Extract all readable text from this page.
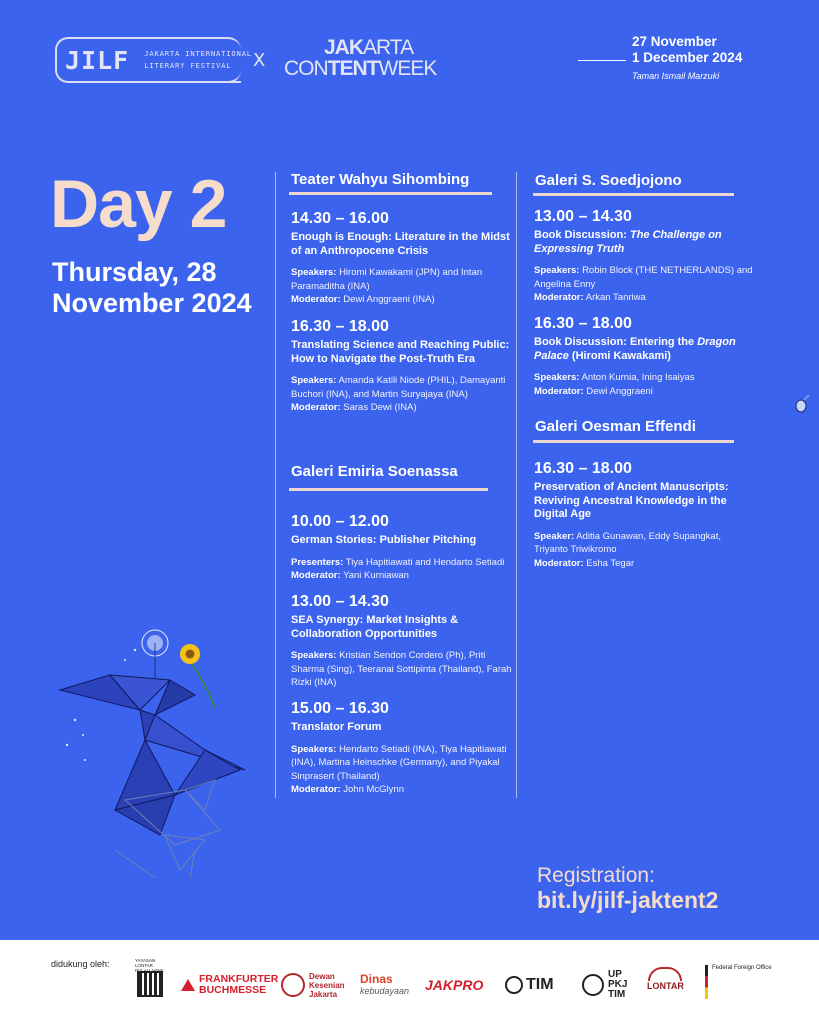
JILF JAKARTA INTERNATIONAL
LITERARY FESTIVAL	X
JAKARTA
CONTENTWEEK
27 November
1 December 2024
Taman Ismail Marzuki
Day 2
Thursday, 28 November 2024
Teater Wahyu Sihombing
14.30 – 16.00
Enough is Enough: Literature in the Midst of an Anthropocene Crisis
Speakers: Hiromi Kawakami (JPN) and Intan Paramaditha (INA)
Moderator: Dewi Anggraeni (INA)
16.30 – 18.00
Translating Science and Reaching Public: How to Navigate the Post-Truth Era
Speakers: Amanda Katili Niode (PHIL), Damayanti Buchori (INA), and Martin Suryajaya (INA)
Moderator: Saras Dewi (INA)
Galeri Emiria Soenassa
10.00 – 12.00
German Stories: Publisher Pitching
Presenters: Tiya Hapitiawati and Hendarto Setiadi Moderator: Yani Kurniawan
13.00 – 14.30
SEA Synergy: Market Insights & Collaboration Opportunities
Speakers: Kristian Sendon Cordero (Ph), Priti Sharma (Sing), Teeranai Sottipinta (Thailand), Farah Rizki (INA)
15.00 – 16.30
Translator Forum
Speakers: Hendarto Setiadi (INA), Tiya Hapitiawati (INA), Martina Heinschke (Germany), and Piyakal Sinprasert (Thailand)
Moderator: John McGlynn
Galeri S. Soedjojono
13.00 – 14.30
Book Discussion: The Challenge on Expressing Truth
Speakers: Robin Block (THE NETHERLANDS) and Angelina Enny
Moderator: Arkan Tanriwa
16.30 – 18.00
Book Discussion: Entering the Dragon Palace (Hiromi Kawakami)
Speakers: Anton Kurnia, Ining Isaiyas Moderator: Dewi Anggraeni
Galeri Oesman Effendi
16.30 – 18.00
Preservation of Ancient Manuscripts: Reviving Ancestral Knowledge in the Digital Age
Speaker: Aditia Gunawan, Eddy Supangkat, Triyanto Triwikromo
Moderator: Esha Tegar
Registration:
bit.ly/jilf-jaktent2
didukung oleh:	YAYASAN LONTAR PULAU JAWA
FRANKFURTER
BUCHMESSE
Dewan
Kesenian
Jakarta
Dinas
kebudayaan JAKPRO	TIM
UP
PKJ
TIM
LONTAR
Federal Foreign Office
